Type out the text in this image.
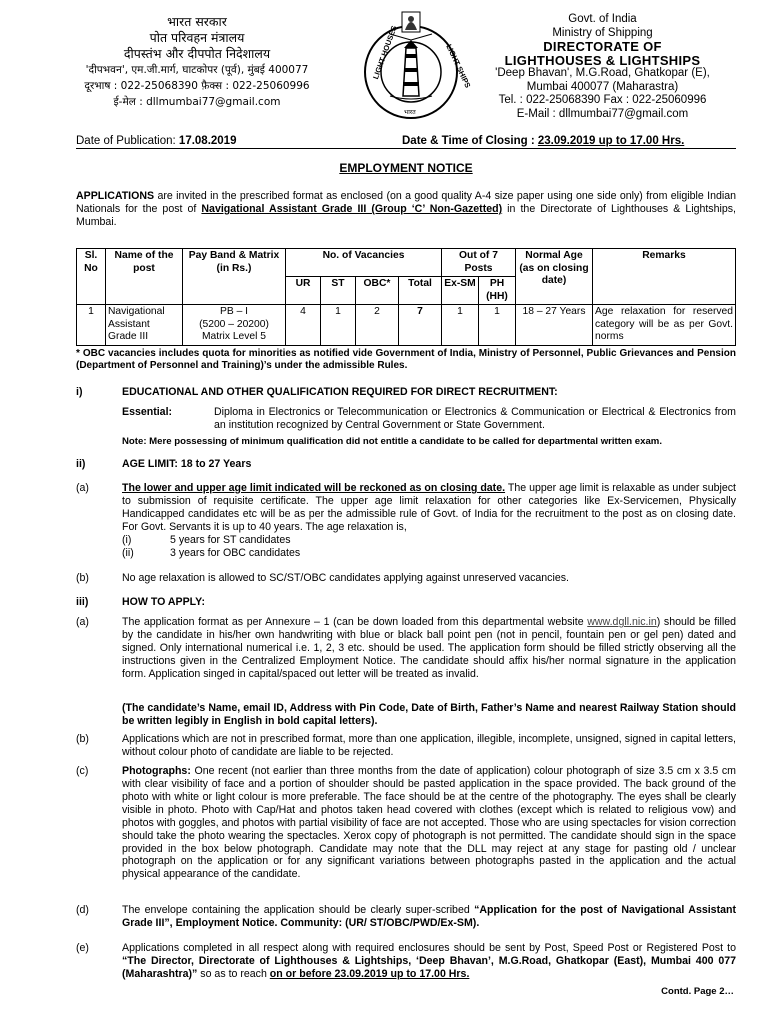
भारत सरकार
पोत परिवहन मंत्रालय
दीपस्तंभ और दीपपोत निदेशालय
'दीपभवन', एम.जी.मार्ग, घाटकोपर (पूर्व), मुंबई 400077
दूरभाष : 022-25068390 फ़ैक्स : 022-25060996
ई-मेल : dllmumbai77@gmail.com
LIGHT HOUSES	LIGHT SHIPS
भारत
Govt. of India
Ministry of Shipping
DIRECTORATE OF
LIGHTHOUSES & LIGHTSHIPS
'Deep Bhavan', M.G.Road, Ghatkopar (E),
Mumbai 400077 (Maharastra)
Tel. : 022-25068390 Fax : 022-25060996
E-Mail : dllmumbai77@gmail.com
Date of Publication: 17.08.2019	Date & Time of Closing : 23.09.2019 up to 17.00 Hrs.
EMPLOYMENT NOTICE
APPLICATIONS are invited in the prescribed format as enclosed (on a good quality A-4 size paper using one side only) from eligible Indian Nationals for the post of Navigational Assistant Grade III (Group ‘C’ Non-Gazetted) in the Directorate of Lighthouses & Lightships, Mumbai.
Sl. No	Name of the post	Pay Band & Matrix (in Rs.)	No. of Vacancies				Out of 7 Posts		Normal Age (as on closing date)	Remarks
			UR	ST	OBC*	Total	Ex-SM	PH (HH)		
1	Navigational Assistant Grade III	PB – I
(5200 – 20200)
Matrix Level 5	4	1	2	7	1	1	18 – 27 Years	Age relaxation for reserved category will be as per Govt. norms
* OBC vacancies includes quota for minorities as notified vide Government of India, Ministry of Personnel, Public Grievances and Pension (Department of Personnel and Training)’s under the admissible Rules.
i)	EDUCATIONAL AND OTHER QUALIFICATION REQUIRED FOR DIRECT RECRUITMENT:
Essential:	Diploma in Electronics or Telecommunication or Electronics & Communication or Electrical & Electronics from an institution recognized by Central Government or State Government.
Note: Mere possessing of minimum qualification did not entitle a candidate to be called for departmental written exam.
ii)	AGE LIMIT: 18 to 27 Years
(a)	The lower and upper age limit indicated will be reckoned as on closing date. The upper age limit is relaxable as under subject to submission of requisite certificate. The upper age limit relaxation for other categories like Ex-Servicemen, Physically Handicapped candidates etc will be as per the admissible rule of Govt. of India for the recruitment to the post as on closing date. For Govt. Servants it is up to 40 years. The age relaxation is,
(i)	5 years for ST candidates
(ii)	3 years for OBC candidates
(b)	No age relaxation is allowed to SC/ST/OBC candidates applying against unreserved vacancies.
iii)	HOW TO APPLY:
(a)	The application format as per Annexure – 1 (can be down loaded from this departmental website www.dgll.nic.in) should be filled by the candidate in his/her own handwriting with blue or black ball point pen (not in pencil, fountain pen or gel pen) dated and signed. Only international numerical i.e. 1, 2, 3 etc. should be used. The application form should be filled strictly observing all the instructions given in the Centralized Employment Notice. The candidate should affix his/her normal signature in the application form. Application singed in capital/spaced out letter will be treated as invalid.
(The candidate’s Name, email ID, Address with Pin Code, Date of Birth, Father’s Name and nearest Railway Station should be written legibly in English in bold capital letters).
(b)	Applications which are not in prescribed format, more than one application, illegible, incomplete, unsigned, signed in capital letters, without colour photo of candidate are liable to be rejected.
(c)	Photographs: One recent (not earlier than three months from the date of application) colour photograph of size 3.5 cm x 3.5 cm with clear visibility of face and a portion of shoulder should be pasted application in the space provided. The back ground of the photo with white or light colour is more preferable. The face should be at the centre of the photography. The eyes shall be clearly visible in photo. Photo with Cap/Hat and photos taken head covered with clothes (except which is related to religious vow) and photos with goggles, and photos with partial visibility of face are not accepted. Those who are using spectacles for vision correction should take the photo wearing the spectacles. Xerox copy of photograph is not permitted. The candidate should sign in the space provided in the box below photograph. Candidate may note that the DLL may reject at any stage for pasting old / unclear photograph on the application or for any significant variations between photographs pasted in the application and the actual physical appearance of the candidate.
(d)	The envelope containing the application should be clearly super-scribed “Application for the post of Navigational Assistant Grade III”, Employment Notice. Community: (UR/ ST/OBC/PWD/Ex-SM).
(e)	Applications completed in all respect along with required enclosures should be sent by Post, Speed Post or Registered Post to “The Director, Directorate of Lighthouses & Lightships, ‘Deep Bhavan’, M.G.Road, Ghatkopar (East), Mumbai 400 077 (Maharashtra)” so as to reach on or before 23.09.2019 up to 17.00 Hrs.
Contd. Page 2…
